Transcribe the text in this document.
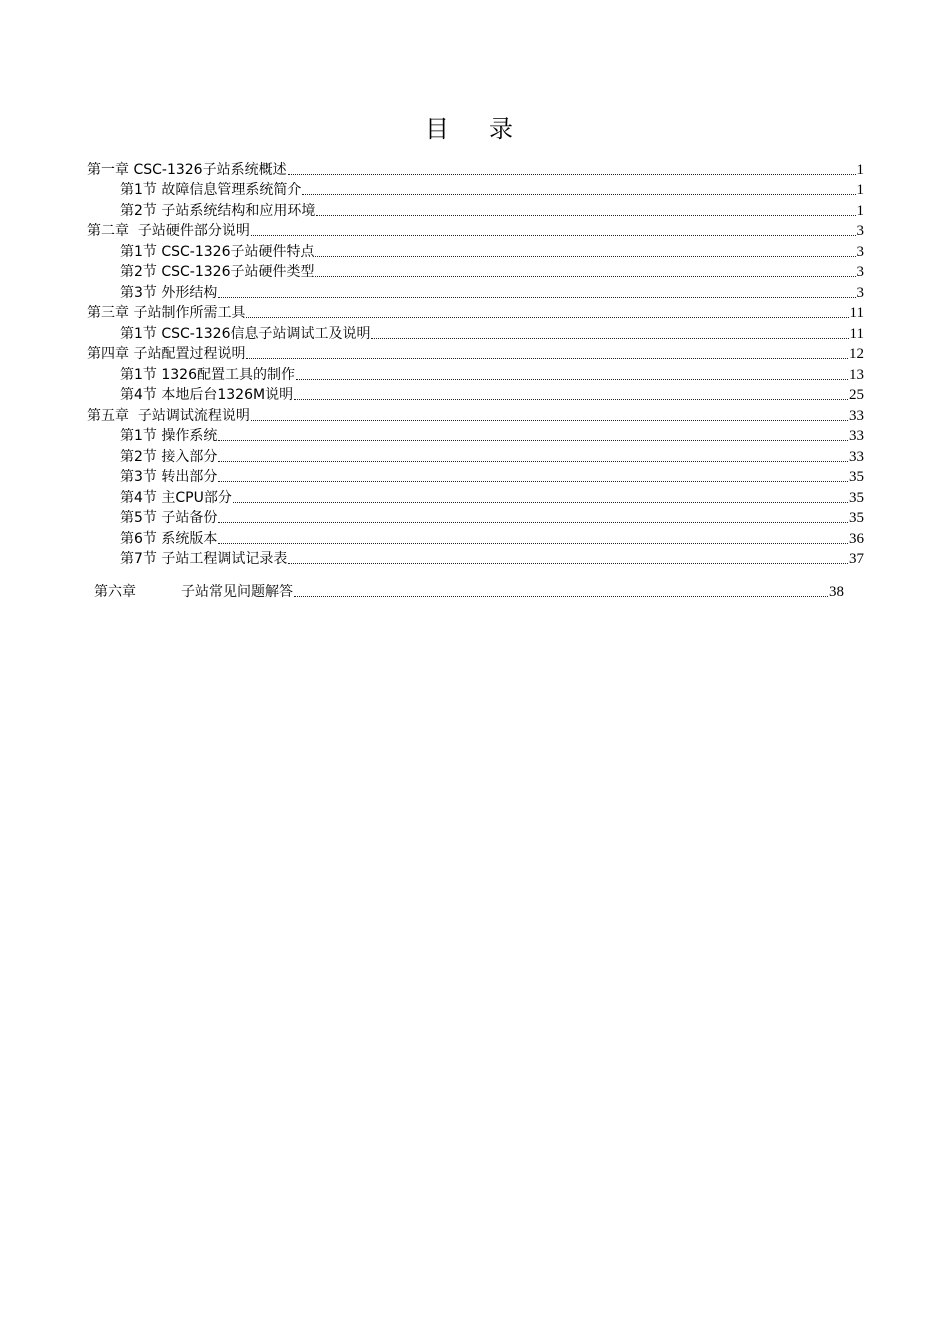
目　录
第一章 CSC-1326子站系统概述	1
第1节 故障信息管理系统简介	1
第2节 子站系统结构和应用环境	1
第二章  子站硬件部分说明	3
第1节 CSC-1326子站硬件特点	3
第2节 CSC-1326子站硬件类型	3
第3节 外形结构	3
第三章 子站制作所需工具	11
第1节 CSC-1326信息子站调试工及说明	11
第四章 子站配置过程说明	12
第1节 1326配置工具的制作	13
第4节 本地后台1326M说明	25
第五章  子站调试流程说明	33
第1节 操作系统	33
第2节 接入部分	33
第3节 转出部分	35
第4节 主CPU部分	35
第5节 子站备份	35
第6节 系统版本	36
第7节 子站工程调试记录表	37
第六章	子站常见问题解答	38
